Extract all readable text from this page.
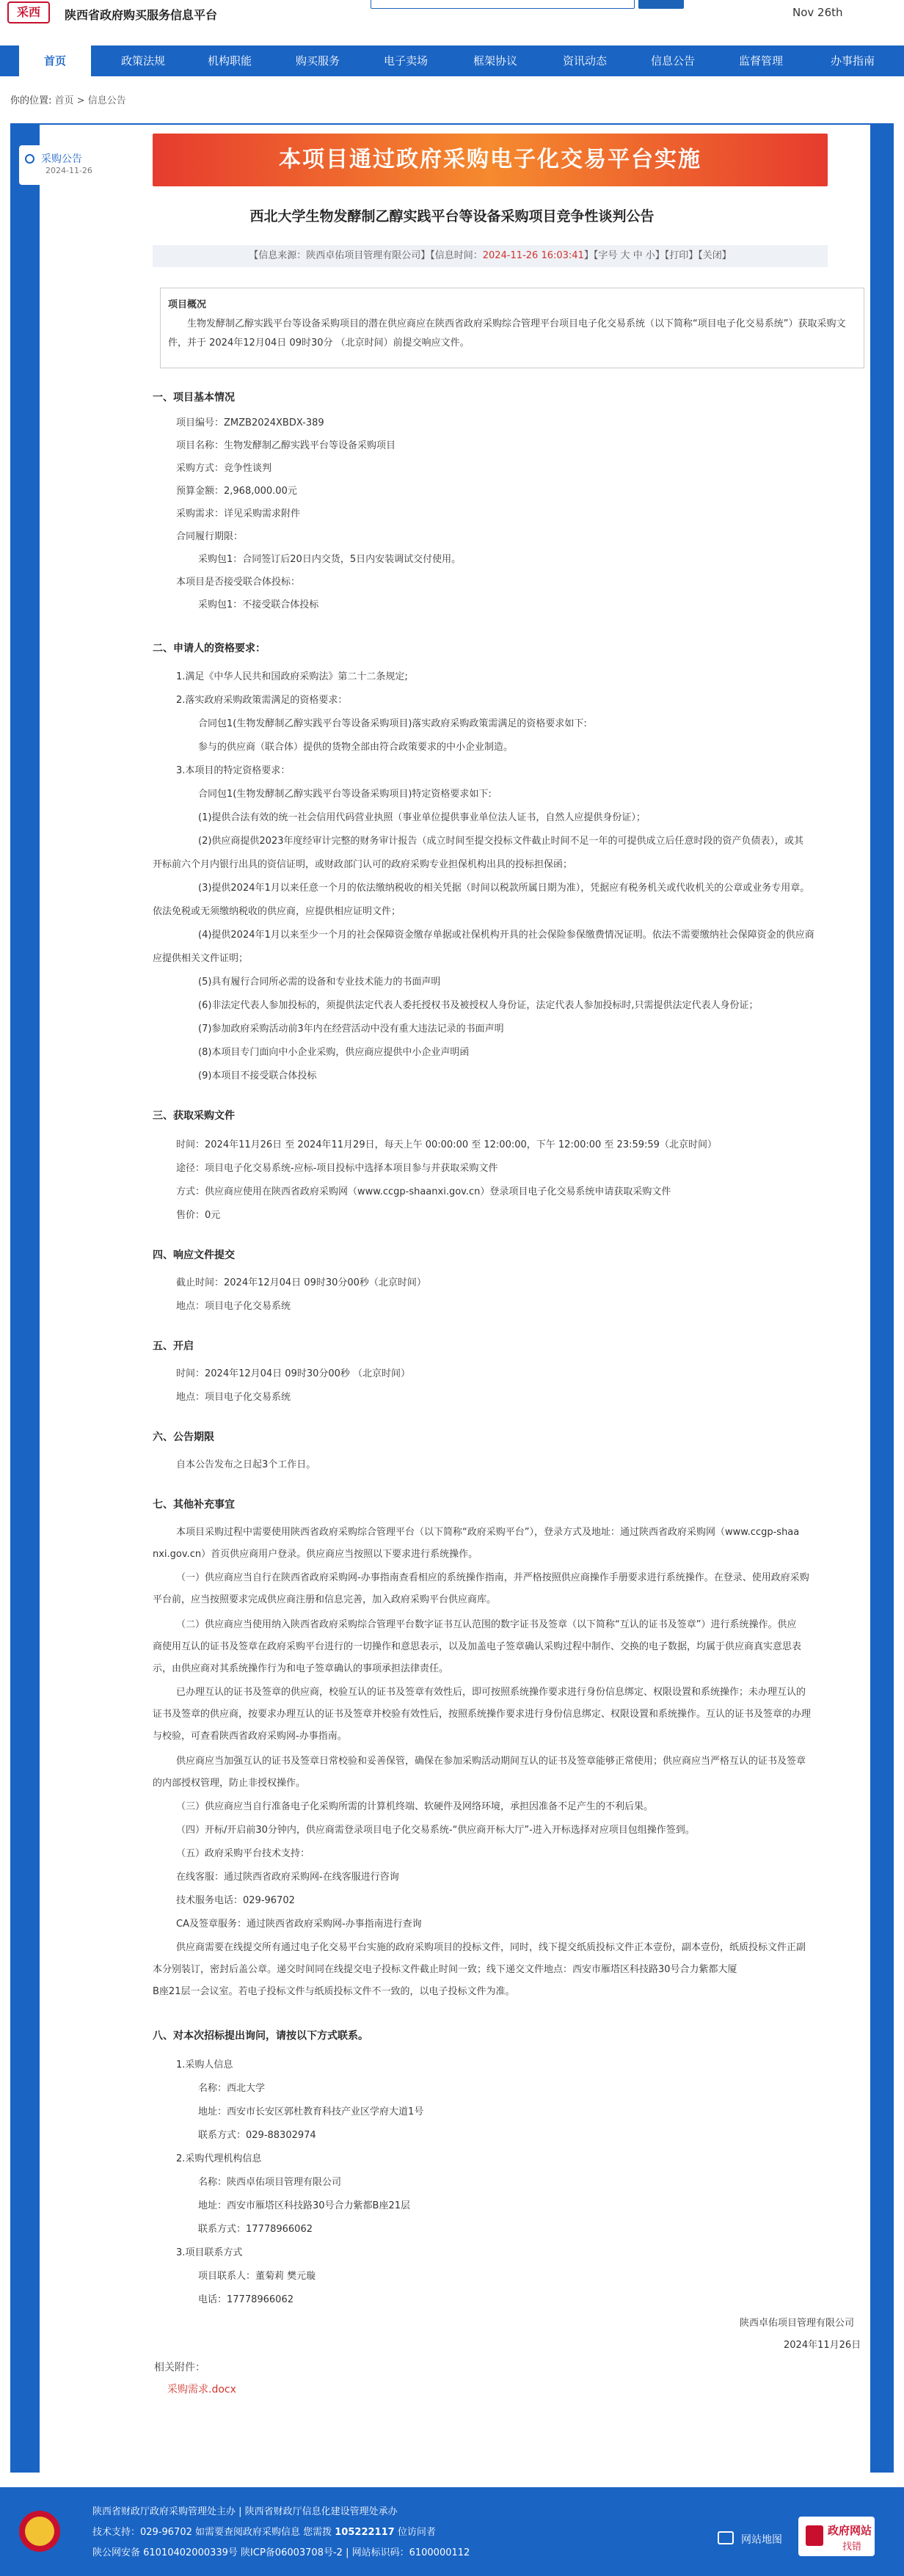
采西	陕西省政府购买服务信息平台	Nov 26th
首页	政策法规	机构职能	购买服务	电子卖场	框架协议	资讯动态	信息公告	监督管理	办事指南
你的位置: 首页 > 信息公告
采购公告
2024-11-26	本项目通过政府采购电子化交易平台实施
西北大学生物发酵制乙醇实践平台等设备采购项目竞争性谈判公告
【信息来源：陕西卓佑项目管理有限公司】【信息时间：2024-11-26 16:03:41】【字号 大 中 小】【打印】【关闭】
项目概况
生物发酵制乙醇实践平台等设备采购项目的潜在供应商应在陕西省政府采购综合管理平台项目电子化交易系统（以下简称“项目电子化交易系统”）获取采购文件，并于 2024年12月04日 09时30分 （北京时间）前提交响应文件。
一、项目基本情况
项目编号：ZMZB2024XBDX-389
项目名称：生物发酵制乙醇实践平台等设备采购项目
采购方式：竞争性谈判
预算金额：2,968,000.00元
采购需求：详见采购需求附件
合同履行期限：
采购包1：合同签订后20日内交货，5日内安装调试交付使用。
本项目是否接受联合体投标：
采购包1：不接受联合体投标
二、申请人的资格要求：
1.满足《中华人民共和国政府采购法》第二十二条规定;
2.落实政府采购政策需满足的资格要求：
合同包1(生物发酵制乙醇实践平台等设备采购项目)落实政府采购政策需满足的资格要求如下:
参与的供应商（联合体）提供的货物全部由符合政策要求的中小企业制造。
3.本项目的特定资格要求：
合同包1(生物发酵制乙醇实践平台等设备采购项目)特定资格要求如下:
(1)提供合法有效的统一社会信用代码营业执照（事业单位提供事业单位法人证书，自然人应提供身份证）；
(2)供应商提供2023年度经审计完整的财务审计报告（成立时间至提交投标文件截止时间不足一年的可提供成立后任意时段的资产负债表），或其
开标前六个月内银行出具的资信证明，或财政部门认可的政府采购专业担保机构出具的投标担保函；
(3)提供2024年1月以来任意一个月的依法缴纳税收的相关凭据（时间以税款所属日期为准），凭据应有税务机关或代收机关的公章或业务专用章。
依法免税或无须缴纳税收的供应商，应提供相应证明文件；
(4)提供2024年1月以来至少一个月的社会保障资金缴存单据或社保机构开具的社会保险参保缴费情况证明。依法不需要缴纳社会保障资金的供应商
应提供相关文件证明；
(5)具有履行合同所必需的设备和专业技术能力的书面声明
(6)非法定代表人参加投标的，须提供法定代表人委托授权书及被授权人身份证，法定代表人参加投标时,只需提供法定代表人身份证；
(7)参加政府采购活动前3年内在经营活动中没有重大违法记录的书面声明
(8)本项目专门面向中小企业采购，供应商应提供中小企业声明函
(9)本项目不接受联合体投标
三、获取采购文件
时间：2024年11月26日 至 2024年11月29日，每天上午 00:00:00 至 12:00:00，下午 12:00:00 至 23:59:59（北京时间）
途径：项目电子化交易系统-应标-项目投标中选择本项目参与并获取采购文件
方式：供应商应使用在陕西省政府采购网（www.ccgp-shaanxi.gov.cn）登录项目电子化交易系统申请获取采购文件
售价：0元
四、响应文件提交
截止时间：2024年12月04日 09时30分00秒（北京时间）
地点：项目电子化交易系统
五、开启
时间：2024年12月04日 09时30分00秒 （北京时间）
地点：项目电子化交易系统
六、公告期限
自本公告发布之日起3个工作日。
七、其他补充事宜
本项目采购过程中需要使用陕西省政府采购综合管理平台（以下简称“政府采购平台”），登录方式及地址：通过陕西省政府采购网（www.ccgp-shaa
nxi.gov.cn）首页供应商用户登录。供应商应当按照以下要求进行系统操作。
（一）供应商应当自行在陕西省政府采购网-办事指南查看相应的系统操作指南，并严格按照供应商操作手册要求进行系统操作。在登录、使用政府采购
平台前，应当按照要求完成供应商注册和信息完善，加入政府采购平台供应商库。
（二）供应商应当使用纳入陕西省政府采购综合管理平台数字证书互认范围的数字证书及签章（以下简称“互认的证书及签章”）进行系统操作。供应
商使用互认的证书及签章在政府采购平台进行的一切操作和意思表示，以及加盖电子签章确认采购过程中制作、交换的电子数据，均属于供应商真实意思表
示，由供应商对其系统操作行为和电子签章确认的事项承担法律责任。
已办理互认的证书及签章的供应商，校验互认的证书及签章有效性后，即可按照系统操作要求进行身份信息绑定、权限设置和系统操作；未办理互认的
证书及签章的供应商，按要求办理互认的证书及签章并校验有效性后，按照系统操作要求进行身份信息绑定、权限设置和系统操作。互认的证书及签章的办理
与校验，可查看陕西省政府采购网-办事指南。
供应商应当加强互认的证书及签章日常校验和妥善保管，确保在参加采购活动期间互认的证书及签章能够正常使用；供应商应当严格互认的证书及签章
的内部授权管理，防止非授权操作。
（三）供应商应当自行准备电子化采购所需的计算机终端、软硬件及网络环境，承担因准备不足产生的不利后果。
（四）开标/开启前30分钟内，供应商需登录项目电子化交易系统-“供应商开标大厅”-进入开标选择对应项目包组操作签到。
（五）政府采购平台技术支持：
在线客服：通过陕西省政府采购网-在线客服进行咨询
技术服务电话：029-96702
CA及签章服务：通过陕西省政府采购网-办事指南进行查询
供应商需要在线提交所有通过电子化交易平台实施的政府采购项目的投标文件，同时，线下提交纸质投标文件正本壹份，副本壹份，纸质投标文件正副
本分别装订，密封后盖公章。递交时间同在线提交电子投标文件截止时间一致；线下递交文件地点：西安市雁塔区科技路30号合力紫都大厦
B座21层一会议室。若电子投标文件与纸质投标文件不一致的，以电子投标文件为准。
八、对本次招标提出询问，请按以下方式联系。
1.采购人信息
名称：西北大学
地址：西安市长安区郭杜教育科技产业区学府大道1号
联系方式：029-88302974
2.采购代理机构信息
名称：陕西卓佑项目管理有限公司
地址：西安市雁塔区科技路30号合力紫都B座21层
联系方式：17778966062
3.项目联系方式
项目联系人：董菊莉 樊元璇
电话：17778966062
陕西卓佑项目管理有限公司
2024年11月26日
相关附件：
采购需求.docx
陕西省财政厅政府采购管理处主办 | 陕西省财政厅信息化建设管理处承办
技术支持：029-96702 如需要查阅政府采购信息 您需拨 105222117 位访问者
陕公网安备 61010402000339号 陕ICP备06003708号-2 | 网站标识码：6100000112
网站地图
政府网站
找错
